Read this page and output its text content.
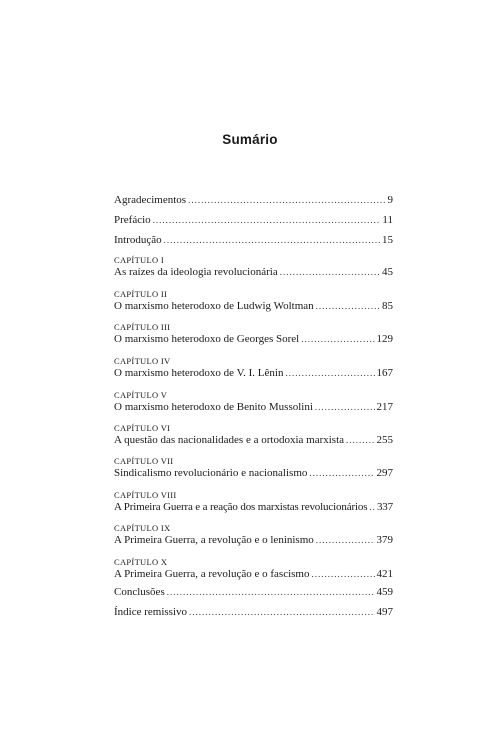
Sumário
Agradecimentos .....	9
Prefácio .....	11
Introdução .....	15
CAPÍTULO I
As raízes da ideologia revolucionária .....	45
CAPÍTULO II
O marxismo heterodoxo de Ludwig Woltman .....	85
CAPÍTULO III
O marxismo heterodoxo de Georges Sorel .....	129
CAPÍTULO IV
O marxismo heterodoxo de V. I. Lênin .....	167
CAPÍTULO V
O marxismo heterodoxo de Benito Mussolini .....	217
CAPÍTULO VI
A questão das nacionalidades e a ortodoxia marxista .....	255
CAPÍTULO VII
Sindicalismo revolucionário e nacionalismo .....	297
CAPÍTULO VIII
A Primeira Guerra e a reação dos marxistas revolucionários ..... 337
CAPÍTULO IX
A Primeira Guerra, a revolução e o leninismo .....	379
CAPÍTULO X
A Primeira Guerra, a revolução e o fascismo .....	421
Conclusões .....	459
Índice remissivo .....	497
